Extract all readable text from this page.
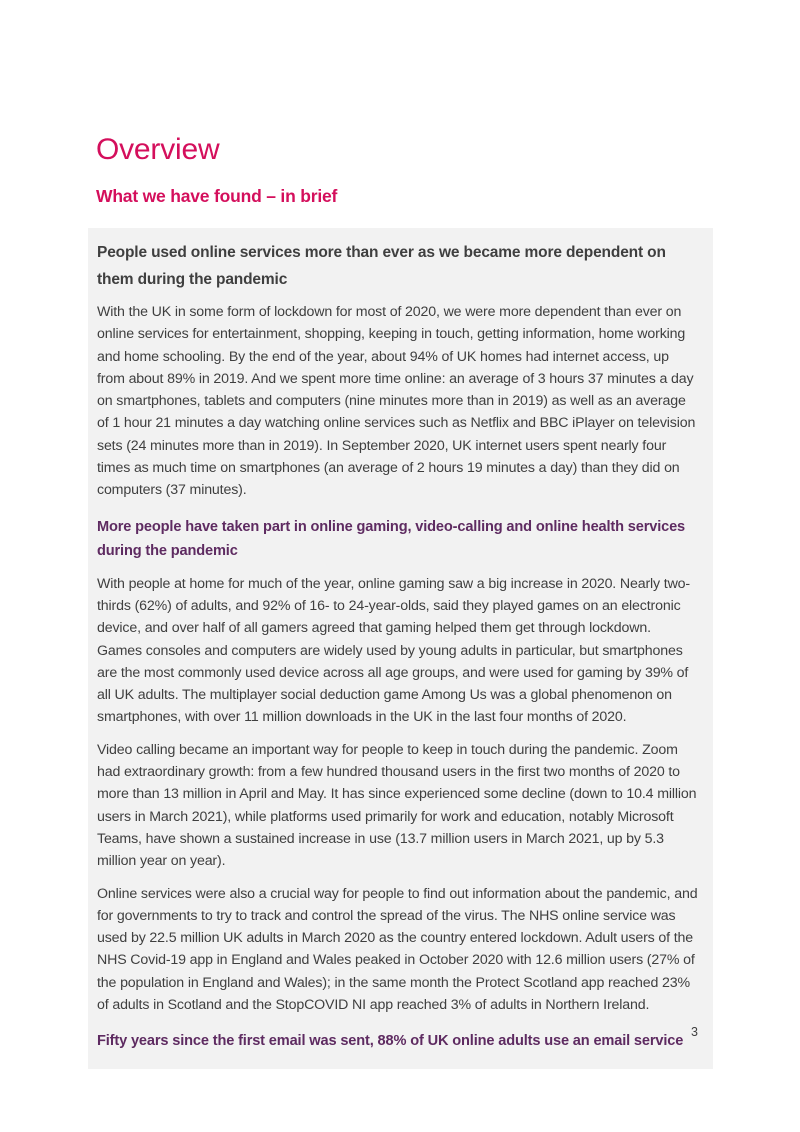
Overview
What we have found – in brief
People used online services more than ever as we became more dependent on them during the pandemic

With the UK in some form of lockdown for most of 2020, we were more dependent than ever on online services for entertainment, shopping, keeping in touch, getting information, home working and home schooling. By the end of the year, about 94% of UK homes had internet access, up from about 89% in 2019. And we spent more time online: an average of 3 hours 37 minutes a day on smartphones, tablets and computers (nine minutes more than in 2019) as well as an average of 1 hour 21 minutes a day watching online services such as Netflix and BBC iPlayer on television sets (24 minutes more than in 2019). In September 2020, UK internet users spent nearly four times as much time on smartphones (an average of 2 hours 19 minutes a day) than they did on computers (37 minutes).

More people have taken part in online gaming, video-calling and online health services during the pandemic

With people at home for much of the year, online gaming saw a big increase in 2020. Nearly two-thirds (62%) of adults, and 92% of 16- to 24-year-olds, said they played games on an electronic device, and over half of all gamers agreed that gaming helped them get through lockdown. Games consoles and computers are widely used by young adults in particular, but smartphones are the most commonly used device across all age groups, and were used for gaming by 39% of all UK adults. The multiplayer social deduction game Among Us was a global phenomenon on smartphones, with over 11 million downloads in the UK in the last four months of 2020.

Video calling became an important way for people to keep in touch during the pandemic. Zoom had extraordinary growth: from a few hundred thousand users in the first two months of 2020 to more than 13 million in April and May. It has since experienced some decline (down to 10.4 million users in March 2021), while platforms used primarily for work and education, notably Microsoft Teams, have shown a sustained increase in use (13.7 million users in March 2021, up by 5.3 million year on year).

Online services were also a crucial way for people to find out information about the pandemic, and for governments to try to track and control the spread of the virus. The NHS online service was used by 22.5 million UK adults in March 2020 as the country entered lockdown. Adult users of the NHS Covid-19 app in England and Wales peaked in October 2020 with 12.6 million users (27% of the population in England and Wales); in the same month the Protect Scotland app reached 23% of adults in Scotland and the StopCOVID NI app reached 3% of adults in Northern Ireland.

Fifty years since the first email was sent, 88% of UK online adults use an email service
3
